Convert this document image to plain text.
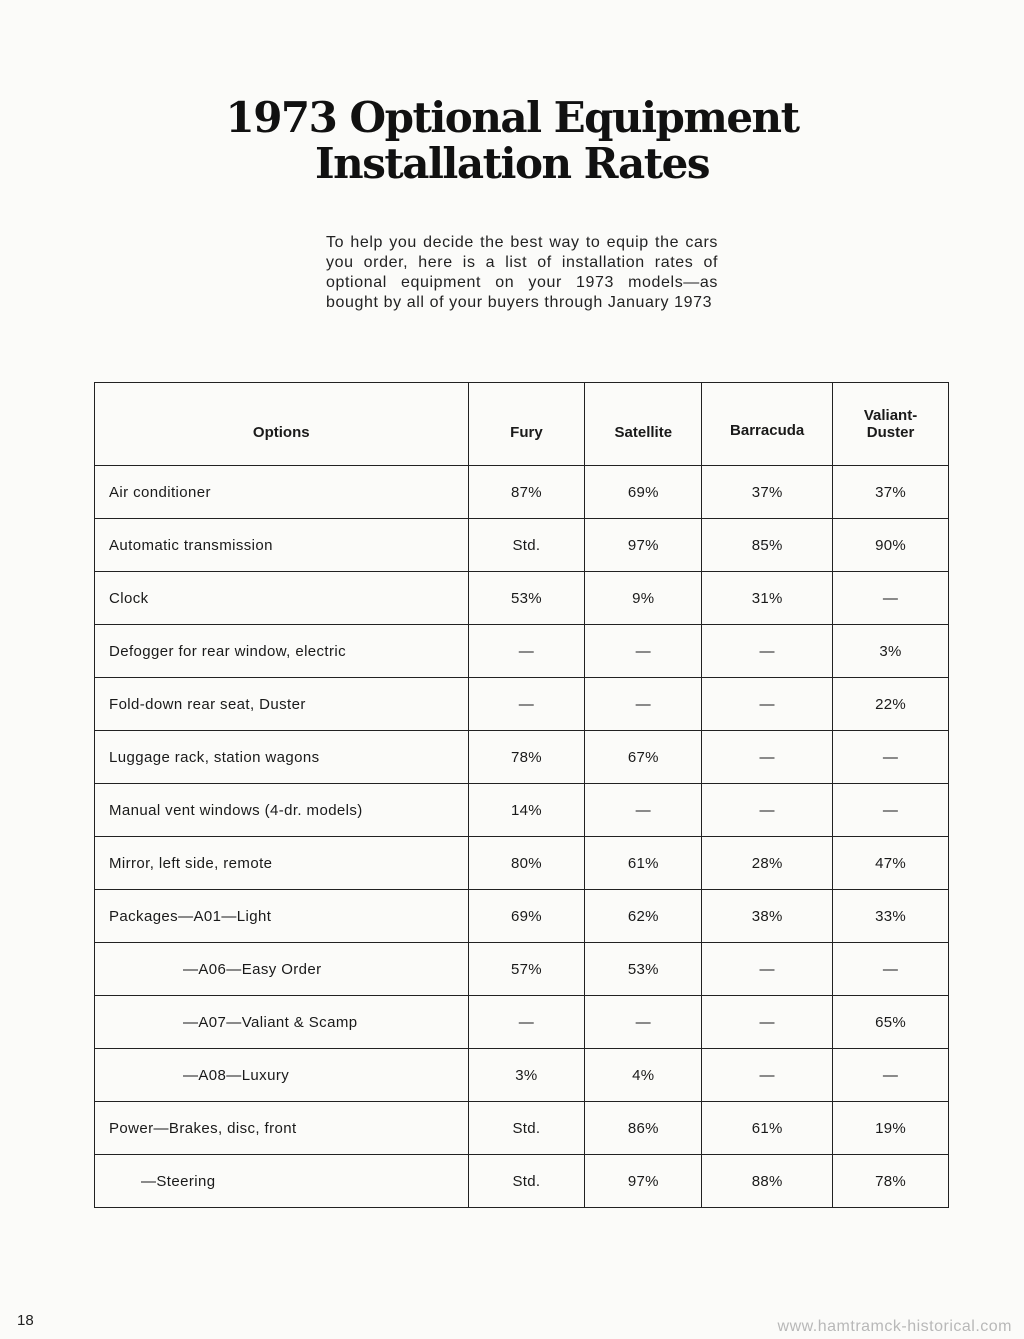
1973 Optional Equipment
Installation Rates

To help you decide the best way to equip the cars you order, here is a list of installation rates of optional equipment on your 1973 models—as bought by all of your buyers through January 1973

Options	Fury	Satellite	Barracuda	Valiant-
Duster
Air conditioner	87%	69%	37%	37%
Automatic transmission	Std.	97%	85%	90%
Clock	53%	9%	31%	—
Defogger for rear window, electric	—	—	—	3%
Fold-down rear seat, Duster	—	—	—	22%
Luggage rack, station wagons	78%	67%	—	—
Manual vent windows (4-dr. models)	14%	—	—	—
Mirror, left side, remote	80%	61%	28%	47%
Packages—A01—Light	69%	62%	38%	33%
—A06—Easy Order	57%	53%	—	—
—A07—Valiant & Scamp	—	—	—	65%
—A08—Luxury	3%	4%	—	—
Power—Brakes, disc, front	Std.	86%	61%	19%
—Steering	Std.	97%	88%	78%
18	www.hamtramck-historical.com
